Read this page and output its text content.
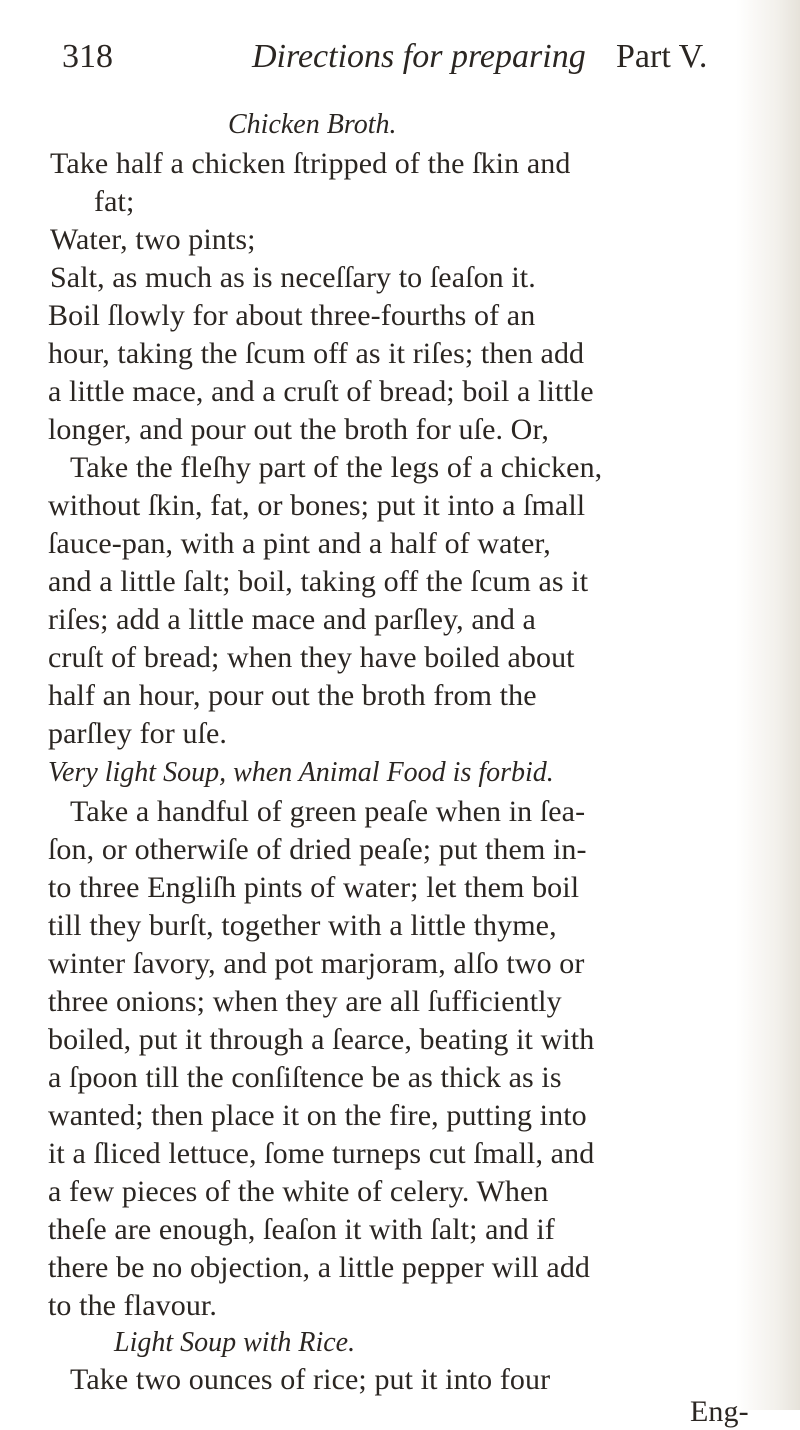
318	Directions for preparing Part V.
Chicken Broth.
Take half a chicken ſtripped of the ſkin and
fat;
Water, two pints;
Salt, as much as is neceſſary to ſeaſon it.
Boil ſlowly for about three-fourths of an
hour, taking the ſcum off as it riſes; then add
a little mace, and a cruſt of bread; boil a little
longer, and pour out the broth for uſe. Or,
Take the fleſhy part of the legs of a chicken,
without ſkin, fat, or bones; put it into a ſmall
ſauce-pan, with a pint and a half of water,
and a little ſalt; boil, taking off the ſcum as it
riſes; add a little mace and parſley, and a
cruſt of bread; when they have boiled about
half an hour, pour out the broth from the
parſley for uſe.
Very light Soup, when Animal Food is forbid.
Take a handful of green peaſe when in ſea-
ſon, or otherwiſe of dried peaſe; put them in-
to three Engliſh pints of water; let them boil
till they burſt, together with a little thyme,
winter ſavory, and pot marjoram, alſo two or
three onions; when they are all ſufficiently
boiled, put it through a ſearce, beating it with
a ſpoon till the conſiſtence be as thick as is
wanted; then place it on the fire, putting into
it a ſliced lettuce, ſome turneps cut ſmall, and
a few pieces of the white of celery. When
theſe are enough, ſeaſon it with ſalt; and if
there be no objection, a little pepper will add
to the flavour.
Light Soup with Rice.
Take two ounces of rice; put it into four
Eng-
